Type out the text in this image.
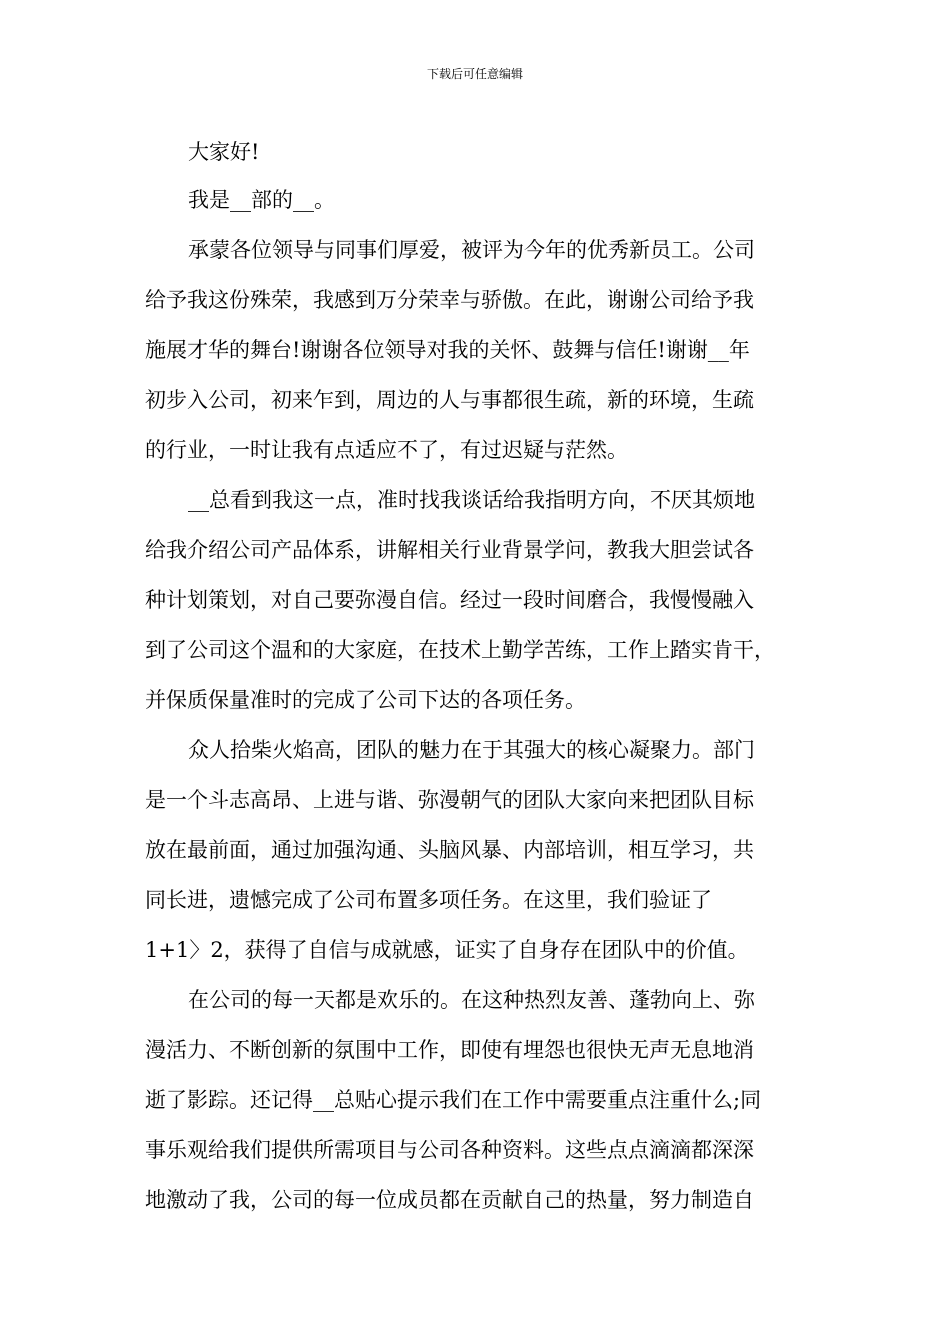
下载后可任意编辑
大家好!
我是__部的__。
承蒙各位领导与同事们厚爱，被评为今年的优秀新员工。公司
给予我这份殊荣，我感到万分荣幸与骄傲。在此，谢谢公司给予我
施展才华的舞台!谢谢各位领导对我的关怀、鼓舞与信任!谢谢__年
初步入公司，初来乍到，周边的人与事都很生疏，新的环境，生疏
的行业，一时让我有点适应不了，有过迟疑与茫然。
__总看到我这一点，准时找我谈话给我指明方向，不厌其烦地
给我介绍公司产品体系，讲解相关行业背景学问，教我大胆尝试各
种计划策划，对自己要弥漫自信。经过一段时间磨合，我慢慢融入
到了公司这个温和的大家庭，在技术上勤学苦练，工作上踏实肯干，
并保质保量准时的完成了公司下达的各项任务。
众人拾柴火焰高，团队的魅力在于其强大的核心凝聚力。部门
是一个斗志高昂、上进与谐、弥漫朝气的团队大家向来把团队目标
放在最前面，通过加强沟通、头脑风暴、内部培训，相互学习，共
同长进，遗憾完成了公司布置多项任务。在这里，我们验证了
1+1〉2，获得了自信与成就感，证实了自身存在团队中的价值。
在公司的每一天都是欢乐的。在这种热烈友善、蓬勃向上、弥
漫活力、不断创新的氛围中工作，即使有埋怨也很快无声无息地消
逝了影踪。还记得__总贴心提示我们在工作中需要重点注重什么;同
事乐观给我们提供所需项目与公司各种资料。这些点点滴滴都深深
地激动了我，公司的每一位成员都在贡献自己的热量，努力制造自
